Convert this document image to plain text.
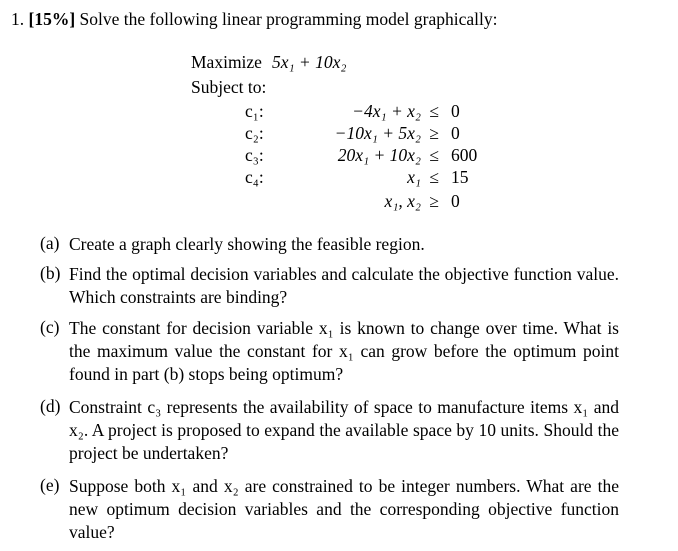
1. [15%] Solve the following linear programming model graphically:
Maximize 5x₁ + 10x₂
Subject to:
c₁:	−4x₁ + x₂ ≤ 0
c₂:	−10x₁ + 5x₂ ≥ 0
c₃:	20x₁ + 10x₂ ≤ 600
c₄:	x₁ ≤ 15
x₁, x₂ ≥ 0
(a) Create a graph clearly showing the feasible region.
(b) Find the optimal decision variables and calculate the objective function value. Which constraints are binding?
(c) The constant for decision variable x₁ is known to change over time. What is the maximum value the constant for x₁ can grow before the optimum point found in part (b) stops being optimum?
(d) Constraint c₃ represents the availability of space to manufacture items x₁ and x₂. A project is proposed to expand the available space by 10 units. Should the project be undertaken?
(e) Suppose both x₁ and x₂ are constrained to be integer numbers. What are the new optimum decision variables and the corresponding objective function value?
